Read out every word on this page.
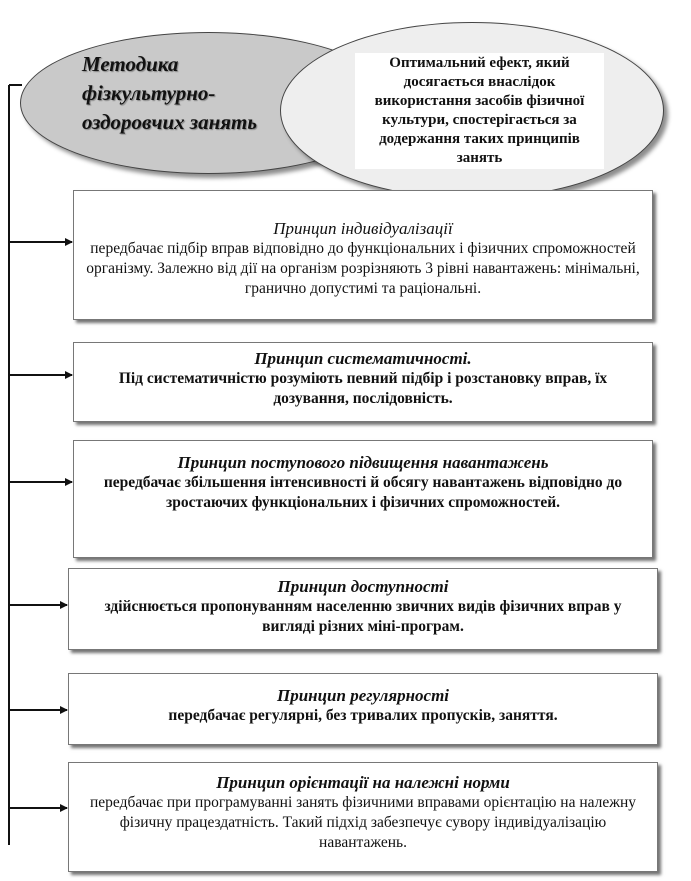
Методика фізкультурно-оздоровчих занять

Оптимальний ефект, який досягається внаслідок використання засобів фізичної культури, спостерігається за додержання таких принципів занять

Принцип індивідуалізації

передбачає підбір вправ відповідно до функціональних і фізичних спроможностей організму. Залежно від дії на організм розрізняють 3 рівні навантажень: мінімальні, гранично допустимі та раціональні.

Принцип систематичності.

Під систематичністю розуміють певний підбір і розстановку вправ, їх дозування, послідовність.

Принцип поступового підвищення навантажень

передбачає збільшення інтенсивності й обсягу навантажень відповідно до зростаючих функціональних і фізичних спроможностей.

Принцип доступності

здійснюється пропонуванням населенню звичних видів фізичних вправ у вигляді різних міні-програм.

Принцип регулярності

передбачає регулярні, без тривалих пропусків, заняття.

Принцип орієнтації на належні норми

передбачає при програмуванні занять фізичними вправами орієнтацію на належну фізичну працездатність. Такий підхід забезпечує сувору індивідуалізацію навантажень.
